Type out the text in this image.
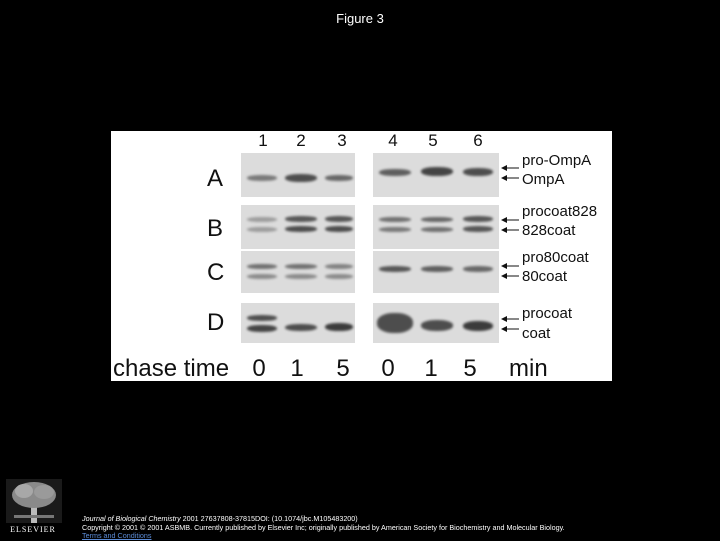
Figure 3
1	2	3	4	5	6
A
pro-OmpA
OmpA
B
procoat828
828coat
C
pro80coat
80coat
D	procoat
coat
chase time 0 1 5 0 1 5 min
ELSEVIER
Journal of Biological Chemistry 2001 27637808-37815DOI: (10.1074/jbc.M105483200)
Copyright © 2001 © 2001 ASBMB. Currently published by Elsevier Inc; originally published by American Society for Biochemistry and Molecular Biology. Terms and Conditions
